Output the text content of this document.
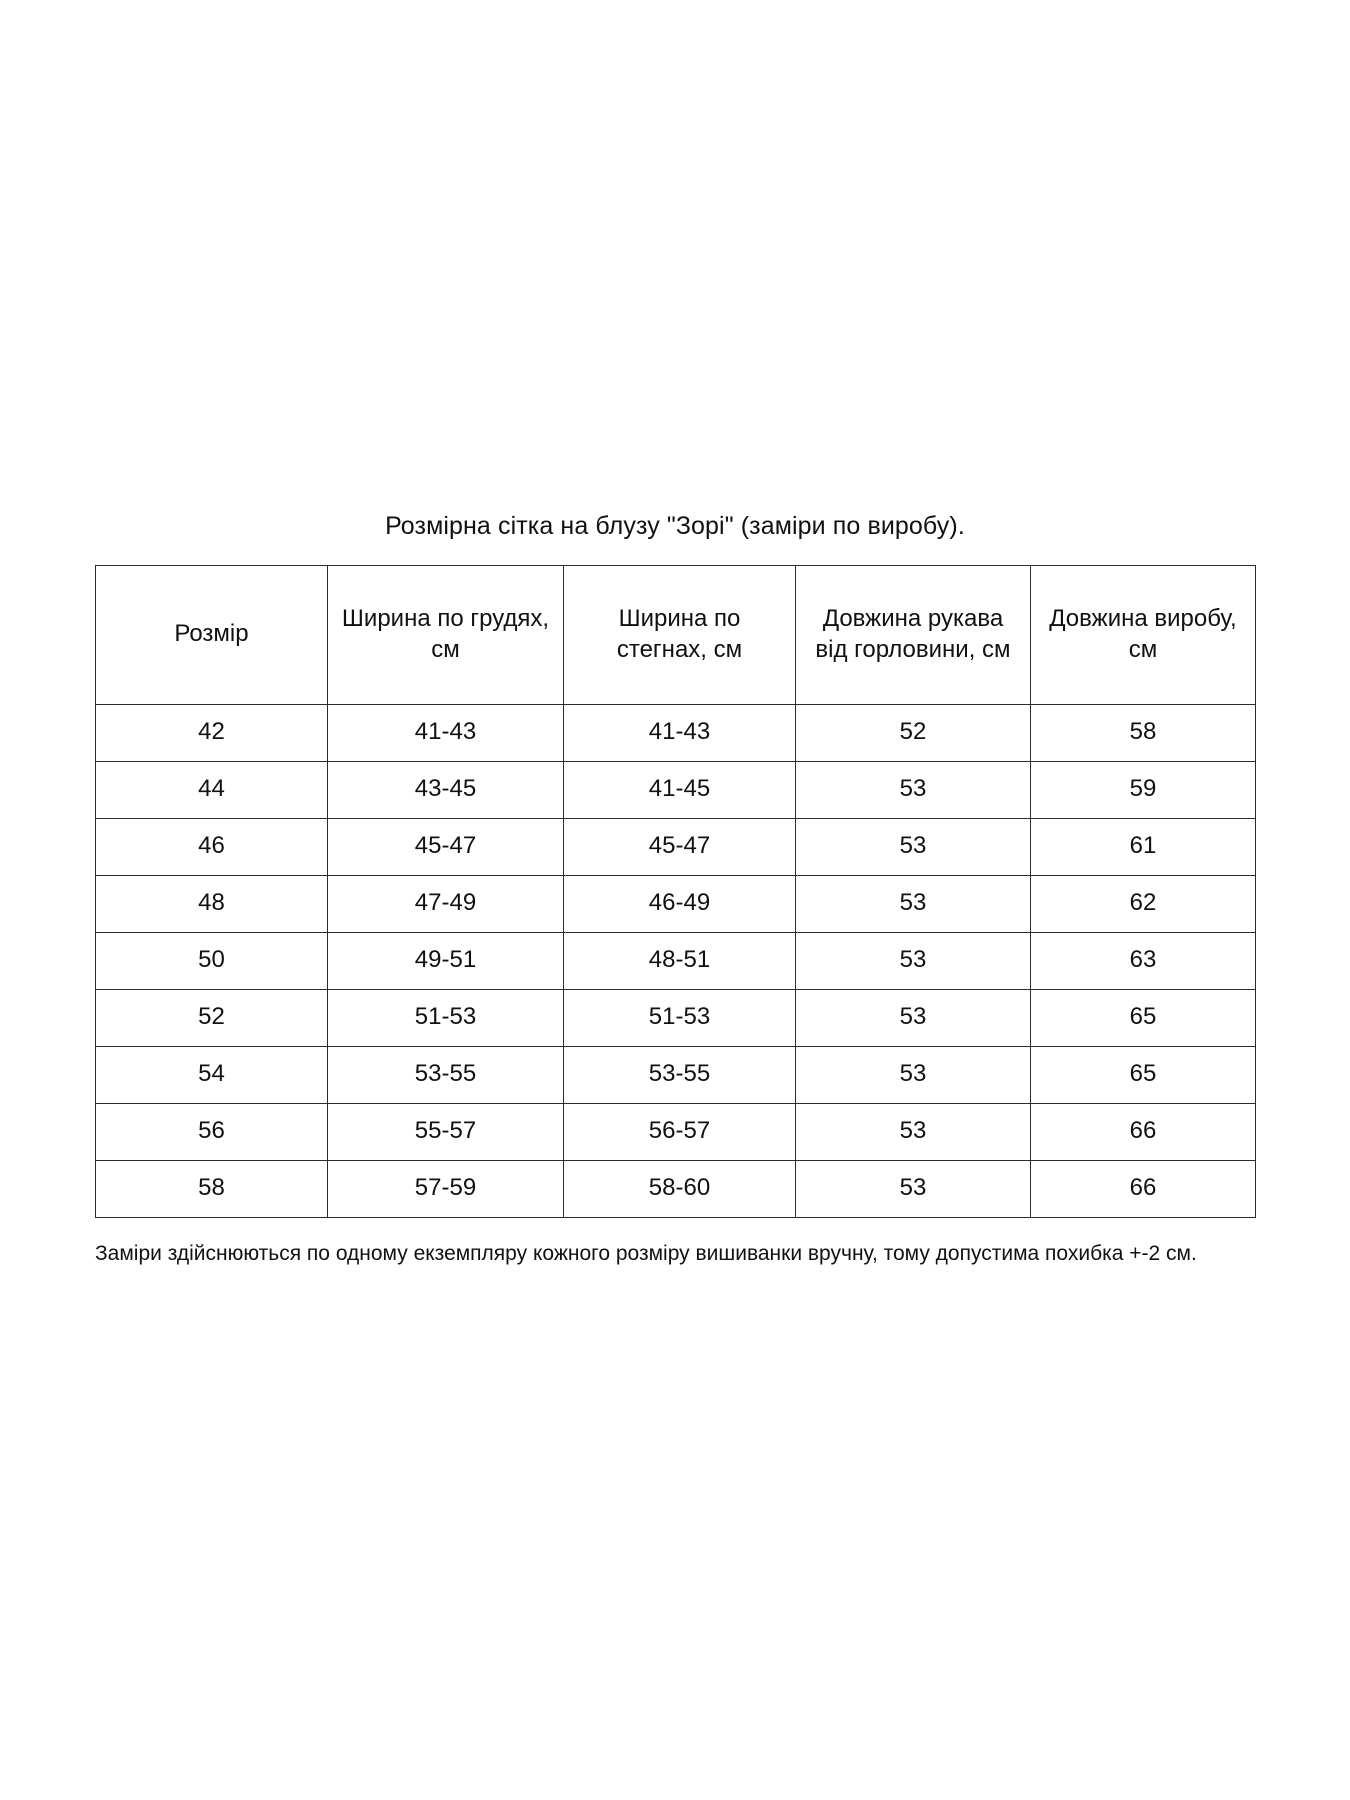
Розмірна сітка на блузу "Зорі" (заміри по виробу).
Розмір	Ширина по грудях, см	Ширина по стегнах, см	Довжина рукава від горловини, см	Довжина виробу, см
42	41-43	41-43	52	58
44	43-45	41-45	53	59
46	45-47	45-47	53	61
48	47-49	46-49	53	62
50	49-51	48-51	53	63
52	51-53	51-53	53	65
54	53-55	53-55	53	65
56	55-57	56-57	53	66
58	57-59	58-60	53	66
Заміри здійснюються по одному екземпляру кожного розміру вишиванки вручну, тому допустима похибка +-2 см.
